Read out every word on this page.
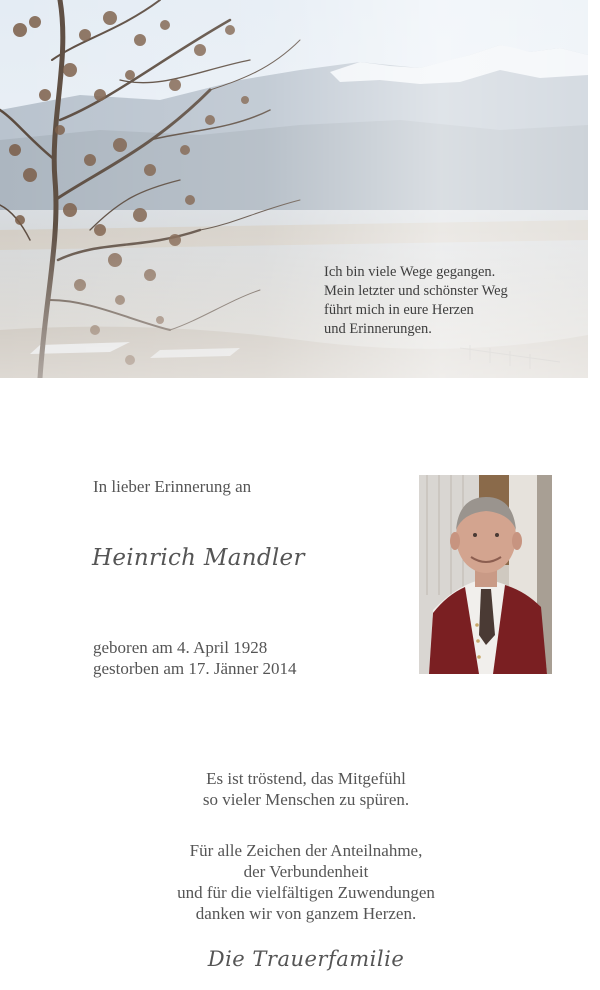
Ich bin viele Wege gegangen.
Mein letzter und schönster Weg
führt mich in eure Herzen
und Erinnerungen.
In lieber Erinnerung an
Heinrich Mandler
geboren am 4. April 1928
gestorben am 17. Jänner 2014
Es ist tröstend, das Mitgefühl
so vieler Menschen zu spüren.
Für alle Zeichen der Anteilnahme,
der Verbundenheit
und für die vielfältigen Zuwendungen
danken wir von ganzem Herzen.
Die Trauerfamilie
